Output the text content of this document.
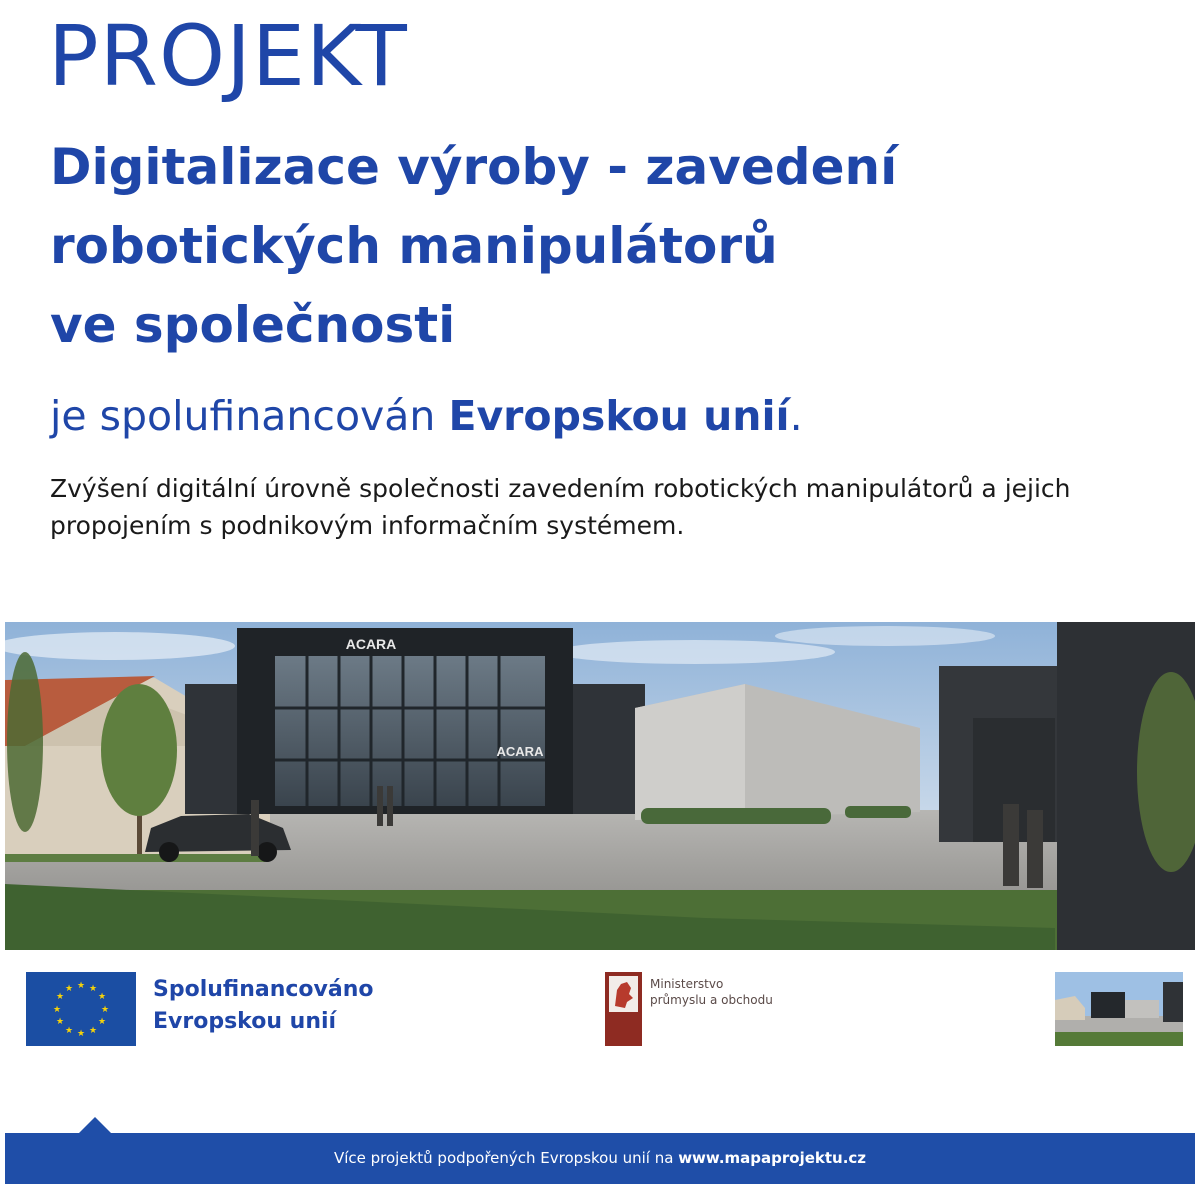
PROJEKT
Digitalizace výroby - zavedení
robotických manipulátorů
ve společnosti

je spolufinancován Evropskou unií.

Zvýšení digitální úrovně společnosti zavedením robotických manipulátorů a jejich propojením s podnikovým informačním systémem.

ACARA
ACARA
★ ★
★
★
★
★
★
★
★
★
★
★	Spolufinancováno
Evropskou unií
Ministerstvo
průmyslu a obchodu
Více projektů podpořených Evropskou unií na www.mapaprojektu.cz
